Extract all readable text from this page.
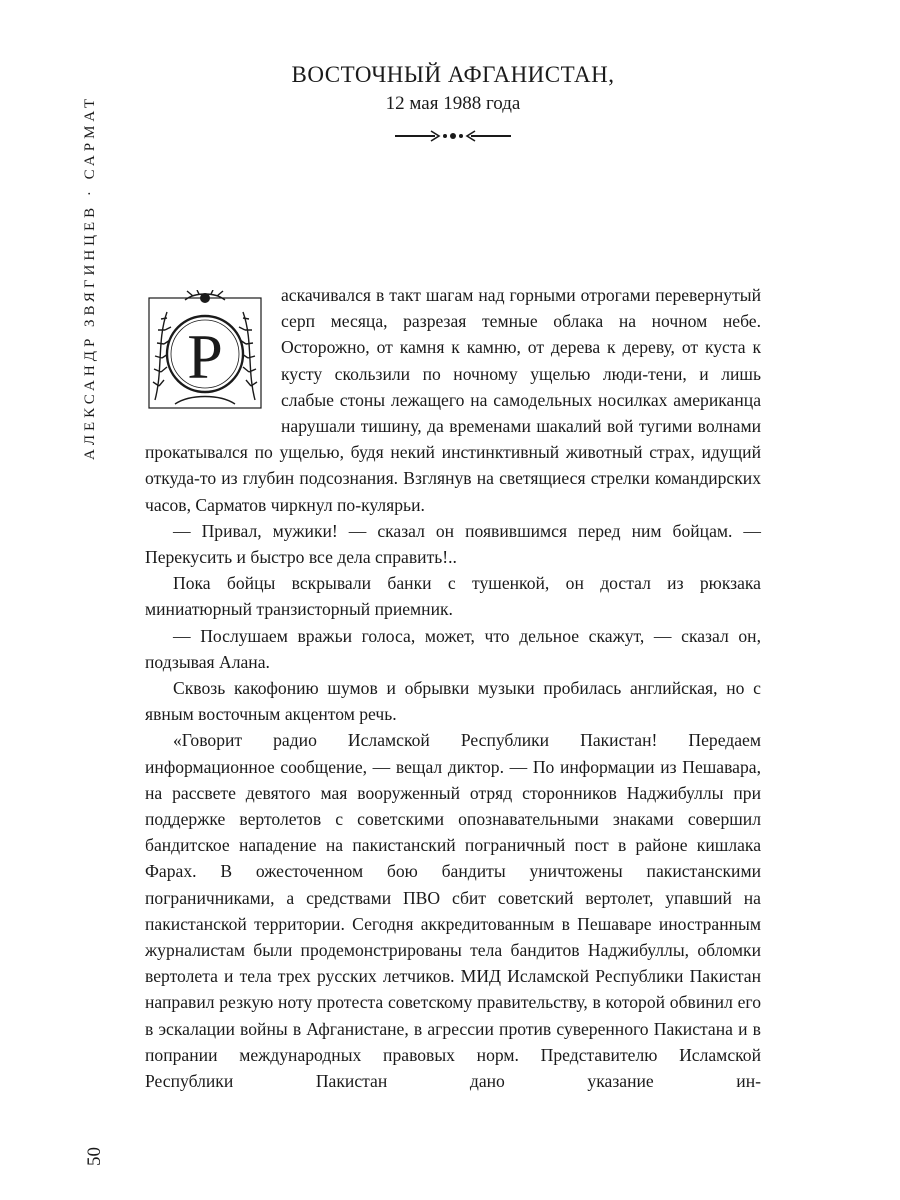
АЛЕКСАНДР ЗВЯГИНЦЕВ · САРМАТ
50
ВОСТОЧНЫЙ АФГАНИСТАН,
12 мая 1988 года
Р

аскачивался в такт шагам над горными отрогами перевернутый серп месяца, разрезая темные облака на ночном небе. Осторожно, от камня к камню, от дерева к дереву, от куста к кусту скользили по ночному ущелью люди-тени, и лишь слабые стоны лежащего на самодельных носилках американца нарушали тишину, да временами шакалий вой тугими волнами прокатывался по ущелью, будя некий инстинктивный животный страх, идущий откуда-то из глубин подсознания. Взглянув на светящиеся стрелки командирских часов, Сарматов чиркнул по-кулярьи.

— Привал, мужики! — сказал он появившимся перед ним бойцам. — Перекусить и быстро все дела справить!..

Пока бойцы вскрывали банки с тушенкой, он достал из рюкзака миниатюрный транзисторный приемник.

— Послушаем вражьи голоса, может, что дельное скажут, — сказал он, подзывая Алана.

Сквозь какофонию шумов и обрывки музыки пробилась английская, но с явным восточным акцентом речь.

«Говорит радио Исламской Республики Пакистан! Передаем информационное сообщение, — вещал диктор. — По информации из Пешавара, на рассвете девятого мая вооруженный отряд сторонников Наджибуллы при поддержке вертолетов с советскими опознавательными знаками совершил бандитское нападение на пакистанский пограничный пост в районе кишлака Фарах. В ожесточенном бою бандиты уничтожены пакистанскими пограничниками, а средствами ПВО сбит советский вертолет, упавший на пакистанской территории. Сегодня аккредитованным в Пешаваре иностранным журналистам были продемонстрированы тела бандитов Наджибуллы, обломки вертолета и тела трех русских летчиков. МИД Исламской Республики Пакистан направил резкую ноту протеста советскому правительству, в которой обвинил его в эскалации войны в Афганистане, в агрессии против суверенного Пакистана и в попрании международных правовых норм. Представителю Исламской Республики Пакистан дано указание ин-
